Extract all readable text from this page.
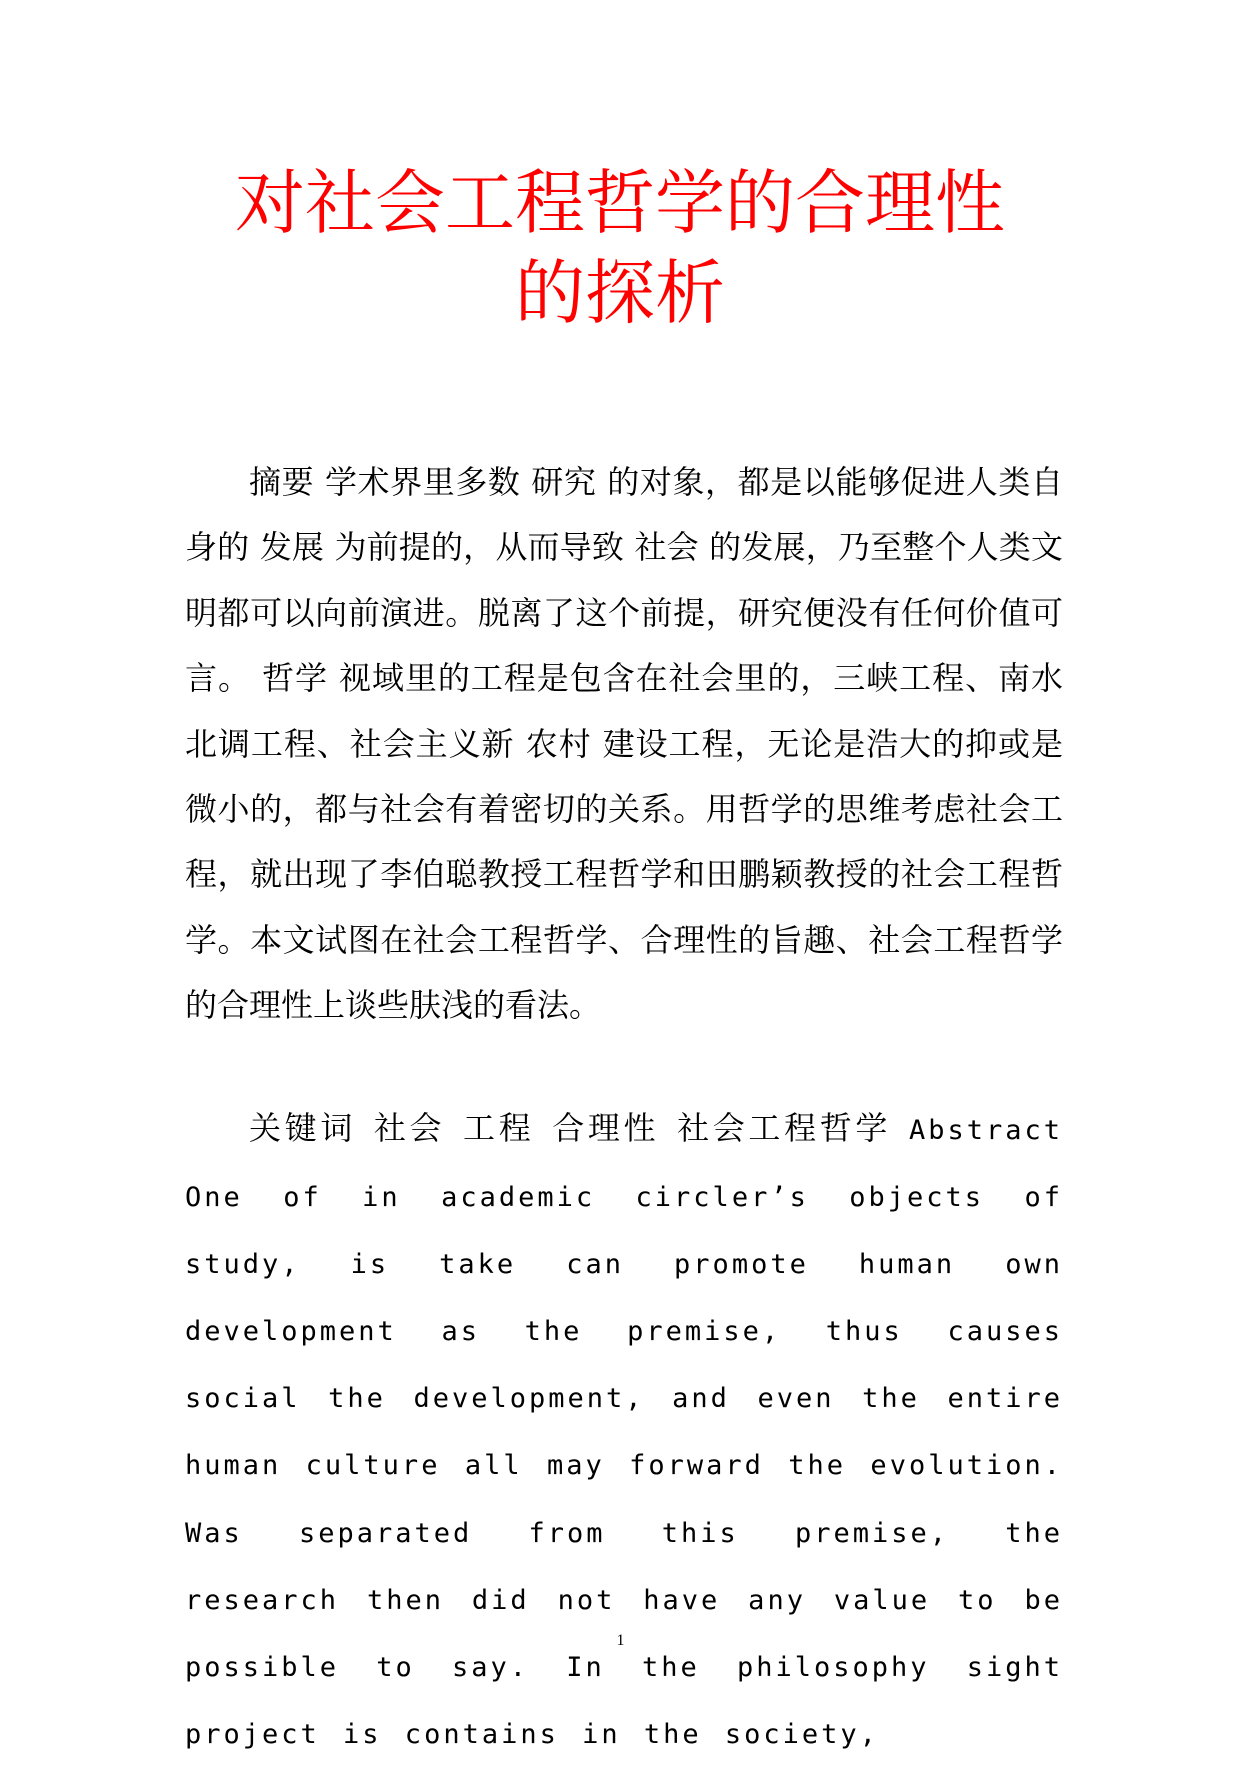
对社会工程哲学的合理性
的探析

摘要 学术界里多数 研究 的对象，都是以能够促进人类自身的 发展 为前提的，从而导致 社会 的发展，乃至整个人类文明都可以向前演进。脱离了这个前提，研究便没有任何价值可言。 哲学 视域里的工程是包含在社会里的，三峡工程、南水北调工程、社会主义新 农村 建设工程，无论是浩大的抑或是微小的，都与社会有着密切的关系。用哲学的思维考虑社会工程，就出现了李伯聪教授工程哲学和田鹏颖教授的社会工程哲学。本文试图在社会工程哲学、合理性的旨趣、社会工程哲学的合理性上谈些肤浅的看法。

关键词 社会 工程 合理性 社会工程哲学 Abstract One of in academic circler’s objects of study, is take can promote human own development as the premise, thus causes social the development, and even the entire human culture all may forward the evolution. Was separated from this premise, the research then did not have any value to be possible to say. In the philosophy sight project is contains in the society,

1
